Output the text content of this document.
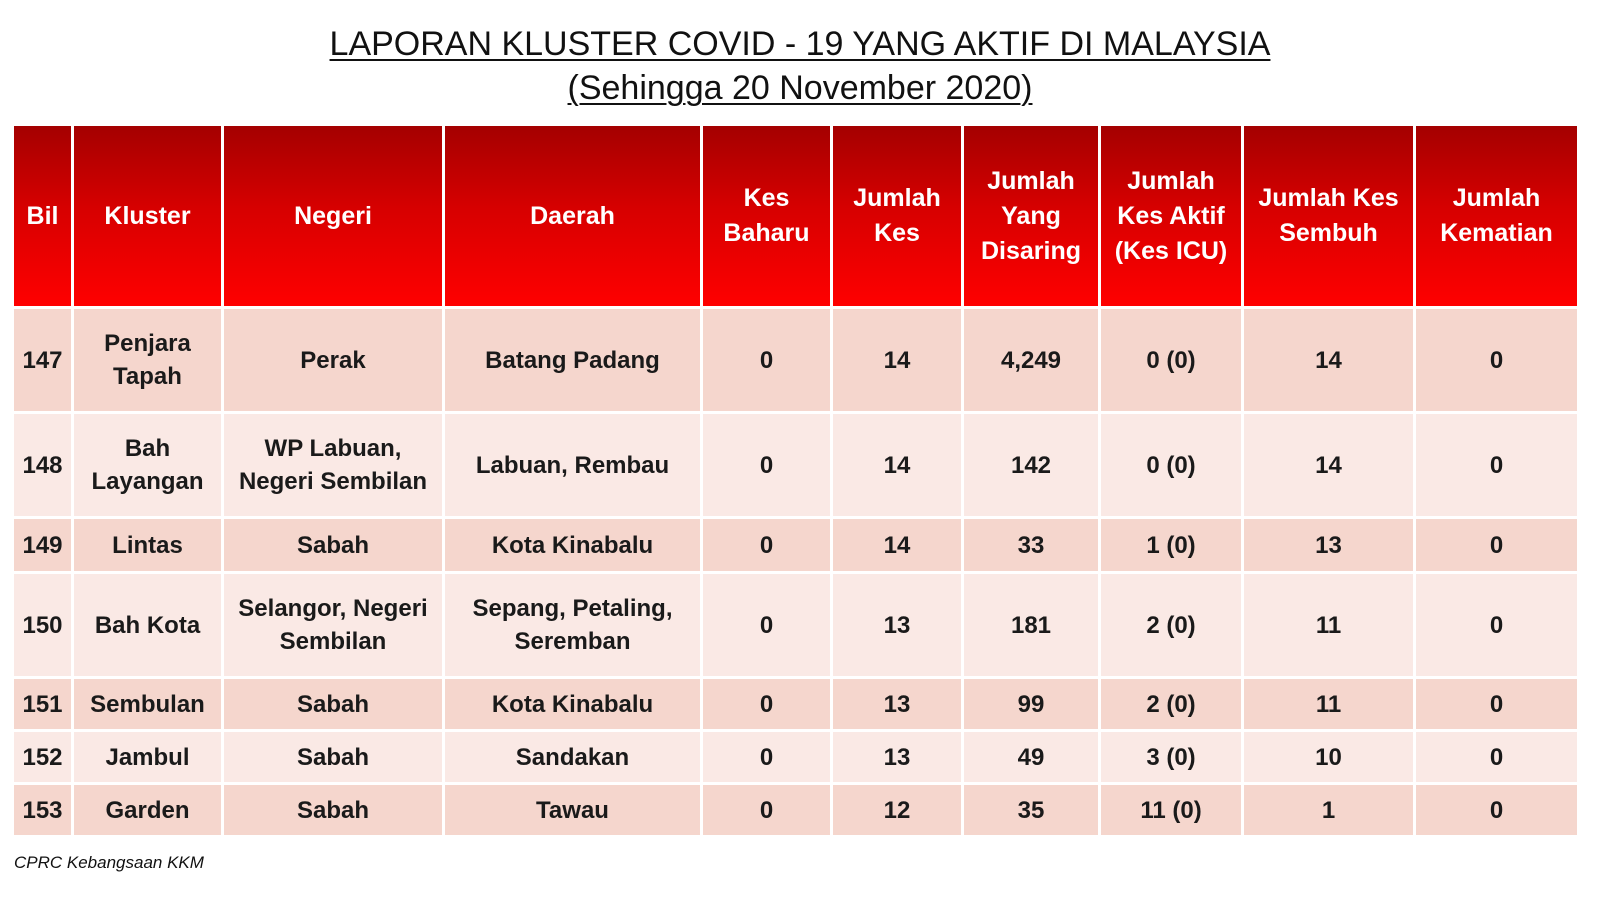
LAPORAN KLUSTER COVID - 19 YANG AKTIF DI MALAYSIA
(Sehingga 20 November 2020)
Bil	Kluster	Negeri	Daerah	Kes Baharu	Jumlah Kes	Jumlah Yang Disaring	Jumlah Kes Aktif (Kes ICU)	Jumlah Kes Sembuh	Jumlah Kematian
147	Penjara Tapah	Perak	Batang Padang	0	14	4,249	0 (0)	14	0
148	Bah Layangan	WP Labuan, Negeri Sembilan	Labuan, Rembau	0	14	142	0 (0)	14	0
149	Lintas	Sabah	Kota Kinabalu	0	14	33	1 (0)	13	0
150	Bah Kota	Selangor, Negeri Sembilan	Sepang, Petaling, Seremban	0	13	181	2 (0)	11	0
151	Sembulan	Sabah	Kota Kinabalu	0	13	99	2 (0)	11	0
152	Jambul	Sabah	Sandakan	0	13	49	3 (0)	10	0
153	Garden	Sabah	Tawau	0	12	35	11 (0)	1	0
CPRC Kebangsaan KKM
